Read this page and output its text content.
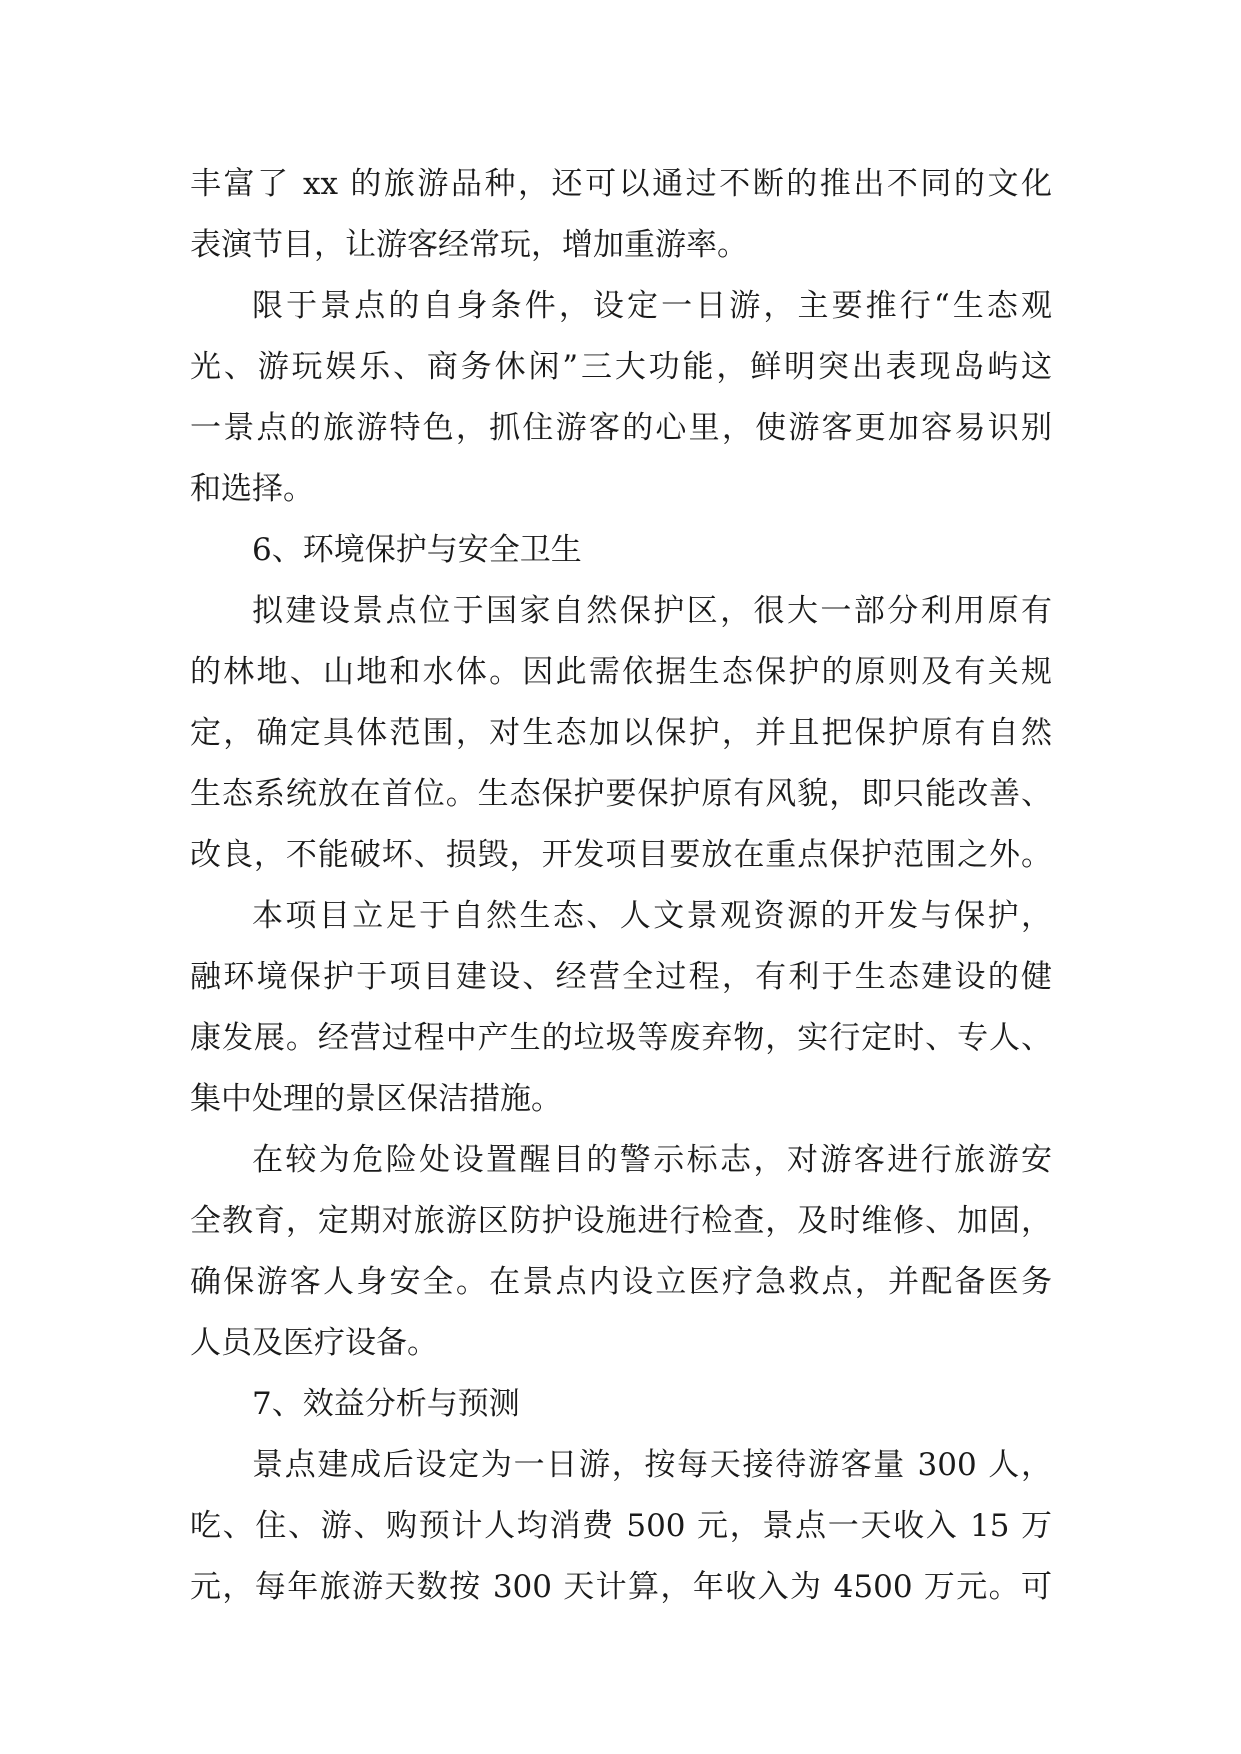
丰富了 xx 的旅游品种，还可以通过不断的推出不同的文化
表演节目，让游客经常玩，增加重游率。
限于景点的自身条件，设定一日游，主要推行“生态观
光、游玩娱乐、商务休闲”三大功能，鲜明突出表现岛屿这
一景点的旅游特色，抓住游客的心里，使游客更加容易识别
和选择。
6、环境保护与安全卫生
拟建设景点位于国家自然保护区，很大一部分利用原有
的林地、山地和水体。因此需依据生态保护的原则及有关规
定，确定具体范围，对生态加以保护，并且把保护原有自然
生态系统放在首位。生态保护要保护原有风貌，即只能改善、
改良，不能破坏、损毁，开发项目要放在重点保护范围之外。
本项目立足于自然生态、人文景观资源的开发与保护，
融环境保护于项目建设、经营全过程，有利于生态建设的健
康发展。经营过程中产生的垃圾等废弃物，实行定时、专人、
集中处理的景区保洁措施。
在较为危险处设置醒目的警示标志，对游客进行旅游安
全教育，定期对旅游区防护设施进行检查，及时维修、加固，
确保游客人身安全。在景点内设立医疗急救点，并配备医务
人员及医疗设备。
7、效益分析与预测
景点建成后设定为一日游，按每天接待游客量 300 人，
吃、住、游、购预计人均消费 500 元，景点一天收入 15 万
元，每年旅游天数按 300 天计算，年收入为 4500 万元。可
